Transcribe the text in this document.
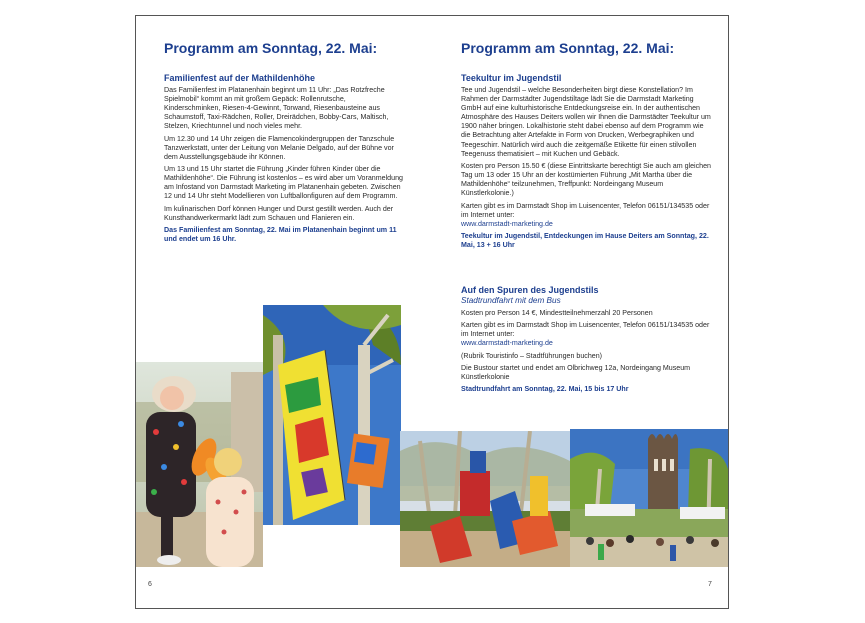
Programm am Sonntag, 22. Mai:
Familienfest auf der Mathildenhöhe

Das Familienfest im Platanenhain beginnt um 11 Uhr: „Das Rotzfreche Spielmobil“ kommt an mit großem Gepäck: Rollenrutsche, Kinderschminken, Riesen-4-Gewinnt, Torwand, Riesenbausteine aus Schaumstoff, Taxi-Rädchen, Roller, Dreirädchen, Bobby-Cars, Maltisch, Stelzen, Kriechtunnel und noch vieles mehr.

Um 12.30 und 14 Uhr zeigen die Flamencokindergruppen der Tanzschule Tanzwerkstatt, unter der Leitung von Melanie Delgado, auf der Bühne vor dem Ausstellungsgebäude ihr Können.

Um 13 und 15 Uhr startet die Führung „Kinder führen Kinder über die Mathildenhöhe“. Die Führung ist kostenlos – es wird aber um Voranmeldung am Infostand von Darmstadt Marketing im Platanenhain gebeten. Zwischen 12 und 14 Uhr steht Modellieren von Luftballonfiguren auf dem Programm.

Im kulinarischen Dorf können Hunger und Durst gestillt werden. Auch der Kunsthandwerkermarkt lädt zum Schauen und Flanieren ein.

Das Familienfest am Sonntag, 22. Mai im Platanenhain beginnt um 11 und endet um 16 Uhr.

6
Programm am Sonntag, 22. Mai:
Teekultur im Jugendstil

Tee und Jugendstil – welche Besonderheiten birgt diese Konstellation? Im Rahmen der Darmstädter Jugendstiltage lädt Sie die Darmstadt Marketing GmbH auf eine kulturhistorische Entdeckungsreise ein. In der authentischen Atmosphäre des Hauses Deiters wollen wir Ihnen die Darmstädter Teekultur um 1900 näher bringen. Lokalhistorie steht dabei ebenso auf dem Programm wie die Betrachtung alter Artefakte in Form von Drucken, Werbegraphiken und Teegeschirr. Natürlich wird auch die zeitgemäße Etikette für einen stilvollen Teegenuss thematisiert – mit Kuchen und Gebäck.

Kosten pro Person 15.50 € (diese Eintrittskarte berechtigt Sie auch am gleichen Tag um 13 oder 15 Uhr an der kostümierten Führung „Mit Martha über die Mathildenhöhe“ teilzunehmen, Treffpunkt: Nordeingang Museum Künstlerkolonie.)

Karten gibt es im Darmstadt Shop im Luisencenter, Telefon 06151/134535 oder im Internet unter:

www.darmstadt-marketing.de

Teekultur im Jugendstil, Entdeckungen im Hause Deiters am Sonntag, 22. Mai, 13 + 16 Uhr

Auf den Spuren des Jugendstils
Stadtrundfahrt mit dem Bus

Kosten pro Person 14 €, Mindestteilnehmerzahl 20 Personen

Karten gibt es im Darmstadt Shop im Luisencenter, Telefon 06151/134535 oder im Internet unter:

www.darmstadt-marketing.de

(Rubrik Touristinfo – Stadtführungen buchen)

Die Bustour startet und endet am Olbrichweg 12a, Nordeingang Museum Künstlerkolonie

Stadtrundfahrt am Sonntag, 22. Mai, 15 bis 17 Uhr

7
